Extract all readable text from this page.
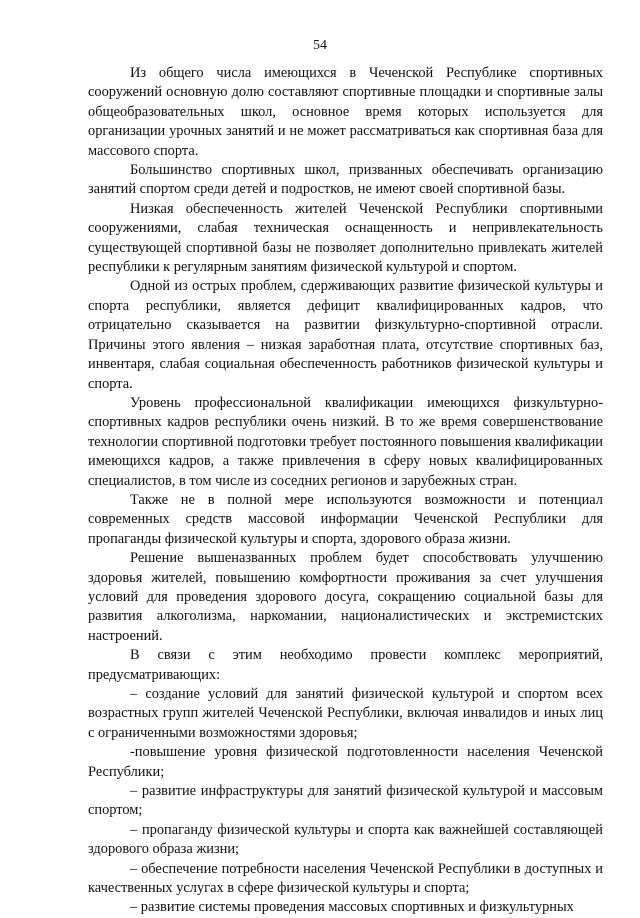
54

Из общего числа имеющихся в Чеченской Республике спортивных сооружений основную долю составляют спортивные площадки и спортивные залы общеобразовательных школ, основное время которых используется для организации урочных занятий и не может рассматриваться как спортивная база для массового спорта.

Большинство спортивных школ, призванных обеспечивать организацию занятий спортом среди детей и подростков, не имеют своей спортивной базы.

Низкая обеспеченность жителей Чеченской Республики спортивными сооружениями, слабая техническая оснащенность и непривлекательность существующей спортивной базы не позволяет дополнительно привлекать жителей республики к регулярным занятиям физической культурой и спортом.

Одной из острых проблем, сдерживающих развитие физической культуры и спорта республики, является дефицит квалифицированных кадров, что отрицательно сказывается на развитии физкультурно-спортивной отрасли. Причины этого явления – низкая заработная плата, отсутствие спортивных баз, инвентаря, слабая социальная обеспеченность работников физической культуры и спорта.

Уровень профессиональной квалификации имеющихся физкультурно-спортивных кадров республики очень низкий. В то же время совершенствование технологии спортивной подготовки требует постоянного повышения квалификации имеющихся кадров, а также привлечения в сферу новых квалифицированных специалистов, в том числе из соседних регионов и зарубежных стран.

Также не в полной мере используются возможности и потенциал современных средств массовой информации Чеченской Республики для пропаганды физической культуры и спорта, здорового образа жизни.

Решение вышеназванных проблем будет способствовать улучшению здоровья жителей, повышению комфортности проживания за счет улучшения условий для проведения здорового досуга, сокращению социальной базы для развития алкоголизма, наркомании, националистических и экстремистских настроений.

В связи с этим необходимо провести комплекс мероприятий, предусматривающих:

– создание условий для занятий физической культурой и спортом всех возрастных групп жителей Чеченской Республики, включая инвалидов и иных лиц с ограниченными возможностями здоровья;

-повышение уровня физической подготовленности населения Чеченской Республики;

– развитие инфраструктуры для занятий физической культурой и массовым спортом;

– пропаганду физической культуры и спорта как важнейшей составляющей здорового образа жизни;

– обеспечение потребности населения Чеченской Республики в доступных и качественных услугах в сфере физической культуры и спорта;

– развитие системы проведения массовых спортивных и физкультурных
